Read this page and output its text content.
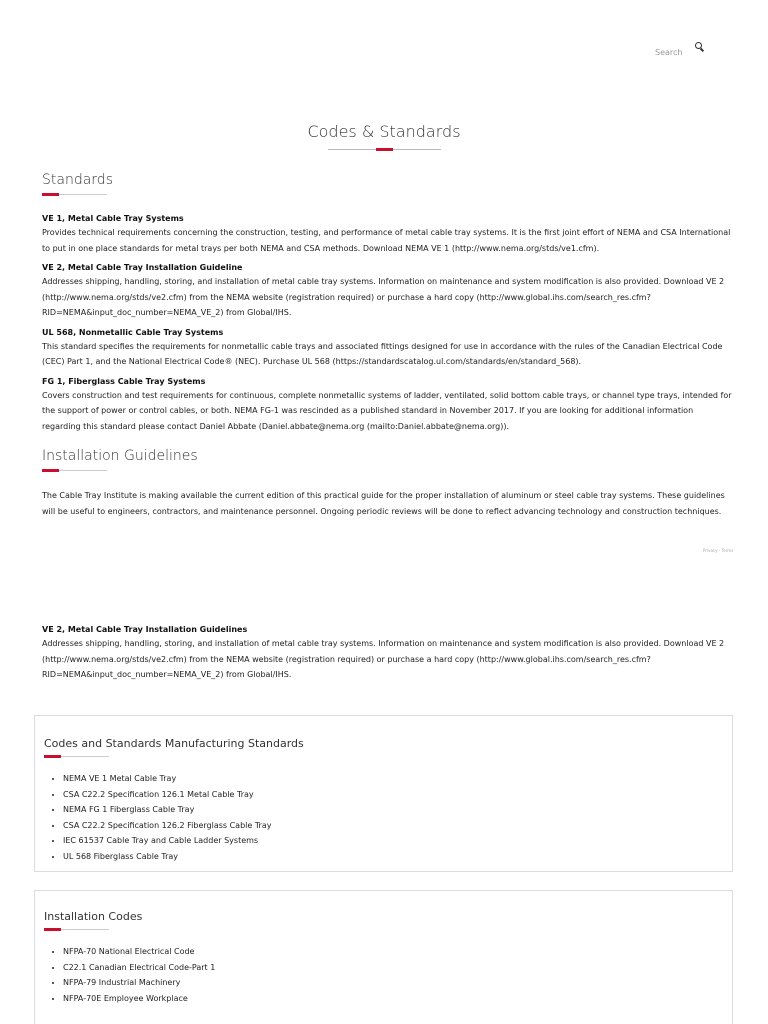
Search
Codes & Standards
Standards
VE 1, Metal Cable Tray Systems
Provides technical requirements concerning the construction, testing, and performance of metal cable tray systems. It is the first joint effort of NEMA and CSA International to put in one place standards for metal trays per both NEMA and CSA methods. Download NEMA VE 1 (http://www.nema.org/stds/ve1.cfm).
VE 2, Metal Cable Tray Installation Guideline
Addresses shipping, handling, storing, and installation of metal cable tray systems. Information on maintenance and system modification is also provided. Download VE 2 (http://www.nema.org/stds/ve2.cfm) from the NEMA website (registration required) or purchase a hard copy (http://www.global.ihs.com/search_res.cfm?RID=NEMA&input_doc_number=NEMA_VE_2) from Global/IHS.
UL 568, Nonmetallic Cable Tray Systems
This standard specifies the requirements for nonmetallic cable trays and associated fittings designed for use in accordance with the rules of the Canadian Electrical Code (CEC) Part 1, and the National Electrical Code® (NEC). Purchase UL 568 (https://standardscatalog.ul.com/standards/en/standard_568).
FG 1, Fiberglass Cable Tray Systems
Covers construction and test requirements for continuous, complete nonmetallic systems of ladder, ventilated, solid bottom cable trays, or channel type trays, intended for the support of power or control cables, or both. NEMA FG-1 was rescinded as a published standard in November 2017. If you are looking for additional information regarding this standard please contact Daniel Abbate (Daniel.abbate@nema.org (mailto:Daniel.abbate@nema.org)).
Installation Guidelines

The Cable Tray Institute is making available the current edition of this practical guide for the proper installation of aluminum or steel cable tray systems. These guidelines will be useful to engineers, contractors, and maintenance personnel. Ongoing periodic reviews will be done to reflect advancing technology and construction techniques.

Privacy - Terms
VE 2, Metal Cable Tray Installation Guidelines
Addresses shipping, handling, storing, and installation of metal cable tray systems. Information on maintenance and system modification is also provided. Download VE 2 (http://www.nema.org/stds/ve2.cfm) from the NEMA website (registration required) or purchase a hard copy (http://www.global.ihs.com/search_res.cfm?RID=NEMA&input_doc_number=NEMA_VE_2) from Global/IHS.
Codes and Standards Manufacturing Standards
• NEMA VE 1 Metal Cable Tray
• CSA C22.2 Specification 126.1 Metal Cable Tray
• NEMA FG 1 Fiberglass Cable Tray
• CSA C22.2 Specification 126.2 Fiberglass Cable Tray
• IEC 61537 Cable Tray and Cable Ladder Systems
• UL 568 Fiberglass Cable Tray
Installation Codes
• NFPA-70 National Electrical Code
• C22.1 Canadian Electrical Code-Part 1
• NFPA-79 Industrial Machinery
• NFPA-70E Employee Workplace
